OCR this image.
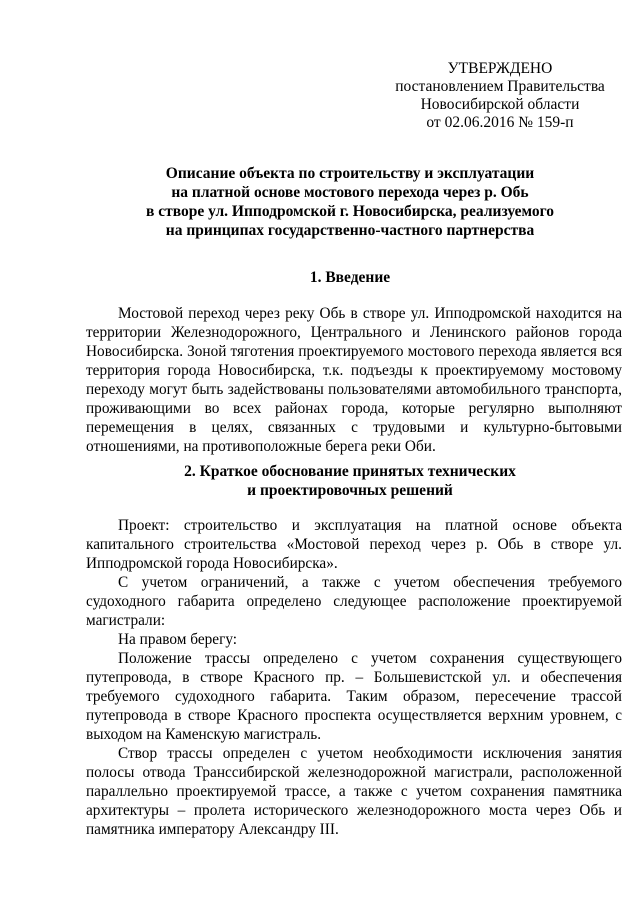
УТВЕРЖДЕНО
постановлением Правительства
Новосибирской области
от 02.06.2016 № 159-п
Описание объекта по строительству и эксплуатации
на платной основе мостового перехода через р. Обь
в створе ул. Ипподромской г. Новосибирска, реализуемого
на принципах государственно-частного партнерства
1. Введение

Мостовой переход через реку Обь в створе ул. Ипподромской находится на территории Железнодорожного, Центрального и Ленинского районов города Новосибирска. Зоной тяготения проектируемого мостового перехода является вся территория города Новосибирска, т.к. подъезды к проектируемому мостовому переходу могут быть задействованы пользователями автомобильного транспорта, проживающими во всех районах города, которые регулярно выполняют перемещения в целях, связанных с трудовыми и культурно-бытовыми отношениями, на противоположные берега реки Оби.

2. Краткое обоснование принятых технических
и проектировочных решений

Проект: строительство и эксплуатация на платной основе объекта капитального строительства «Мостовой переход через р. Обь в створе ул. Ипподромской города Новосибирска».

С учетом ограничений, а также с учетом обеспечения требуемого судоходного габарита определено следующее расположение проектируемой магистрали:

На правом берегу:

Положение трассы определено с учетом сохранения существующего путепровода, в створе Красного пр. – Большевистской ул. и обеспечения требуемого судоходного габарита. Таким образом, пересечение трассой путепровода в створе Красного проспекта осуществляется верхним уровнем, с выходом на Каменскую магистраль.

Створ трассы определен с учетом необходимости исключения занятия полосы отвода Транссибирской железнодорожной магистрали, расположенной параллельно проектируемой трассе, а также с учетом сохранения памятника архитектуры – пролета исторического железнодорожного моста через Обь и памятника императору Александру III.
